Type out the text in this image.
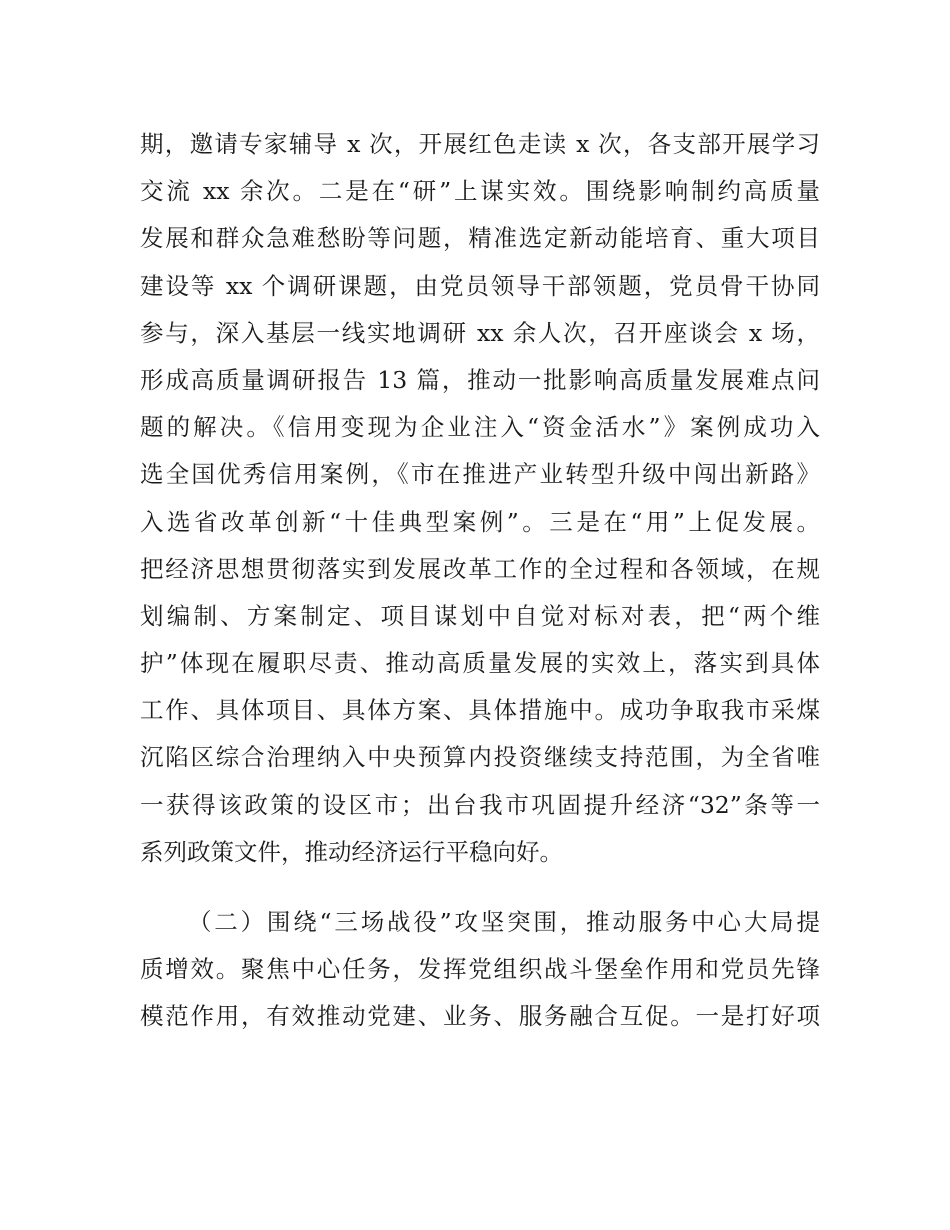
期，邀请专家辅导 x 次，开展红色走读 x 次，各支部开展学习
交流 xx 余次。二是在“研”上谋实效。围绕影响制约高质量
发展和群众急难愁盼等问题，精准选定新动能培育、重大项目
建设等 xx 个调研课题，由党员领导干部领题，党员骨干协同
参与，深入基层一线实地调研 xx 余人次，召开座谈会 x 场，
形成高质量调研报告 13 篇，推动一批影响高质量发展难点问
题的解决。《信用变现为企业注入“资金活水”》案例成功入
选全国优秀信用案例，《市在推进产业转型升级中闯出新路》
入选省改革创新“十佳典型案例”。三是在“用”上促发展。
把经济思想贯彻落实到发展改革工作的全过程和各领域，在规
划编制、方案制定、项目谋划中自觉对标对表，把“两个维
护”体现在履职尽责、推动高质量发展的实效上，落实到具体
工作、具体项目、具体方案、具体措施中。成功争取我市采煤
沉陷区综合治理纳入中央预算内投资继续支持范围，为全省唯
一获得该政策的设区市；出台我市巩固提升经济“32”条等一
系列政策文件，推动经济运行平稳向好。
（二）围绕“三场战役”攻坚突围，推动服务中心大局提
质增效。聚焦中心任务，发挥党组织战斗堡垒作用和党员先锋
模范作用，有效推动党建、业务、服务融合互促。一是打好项
